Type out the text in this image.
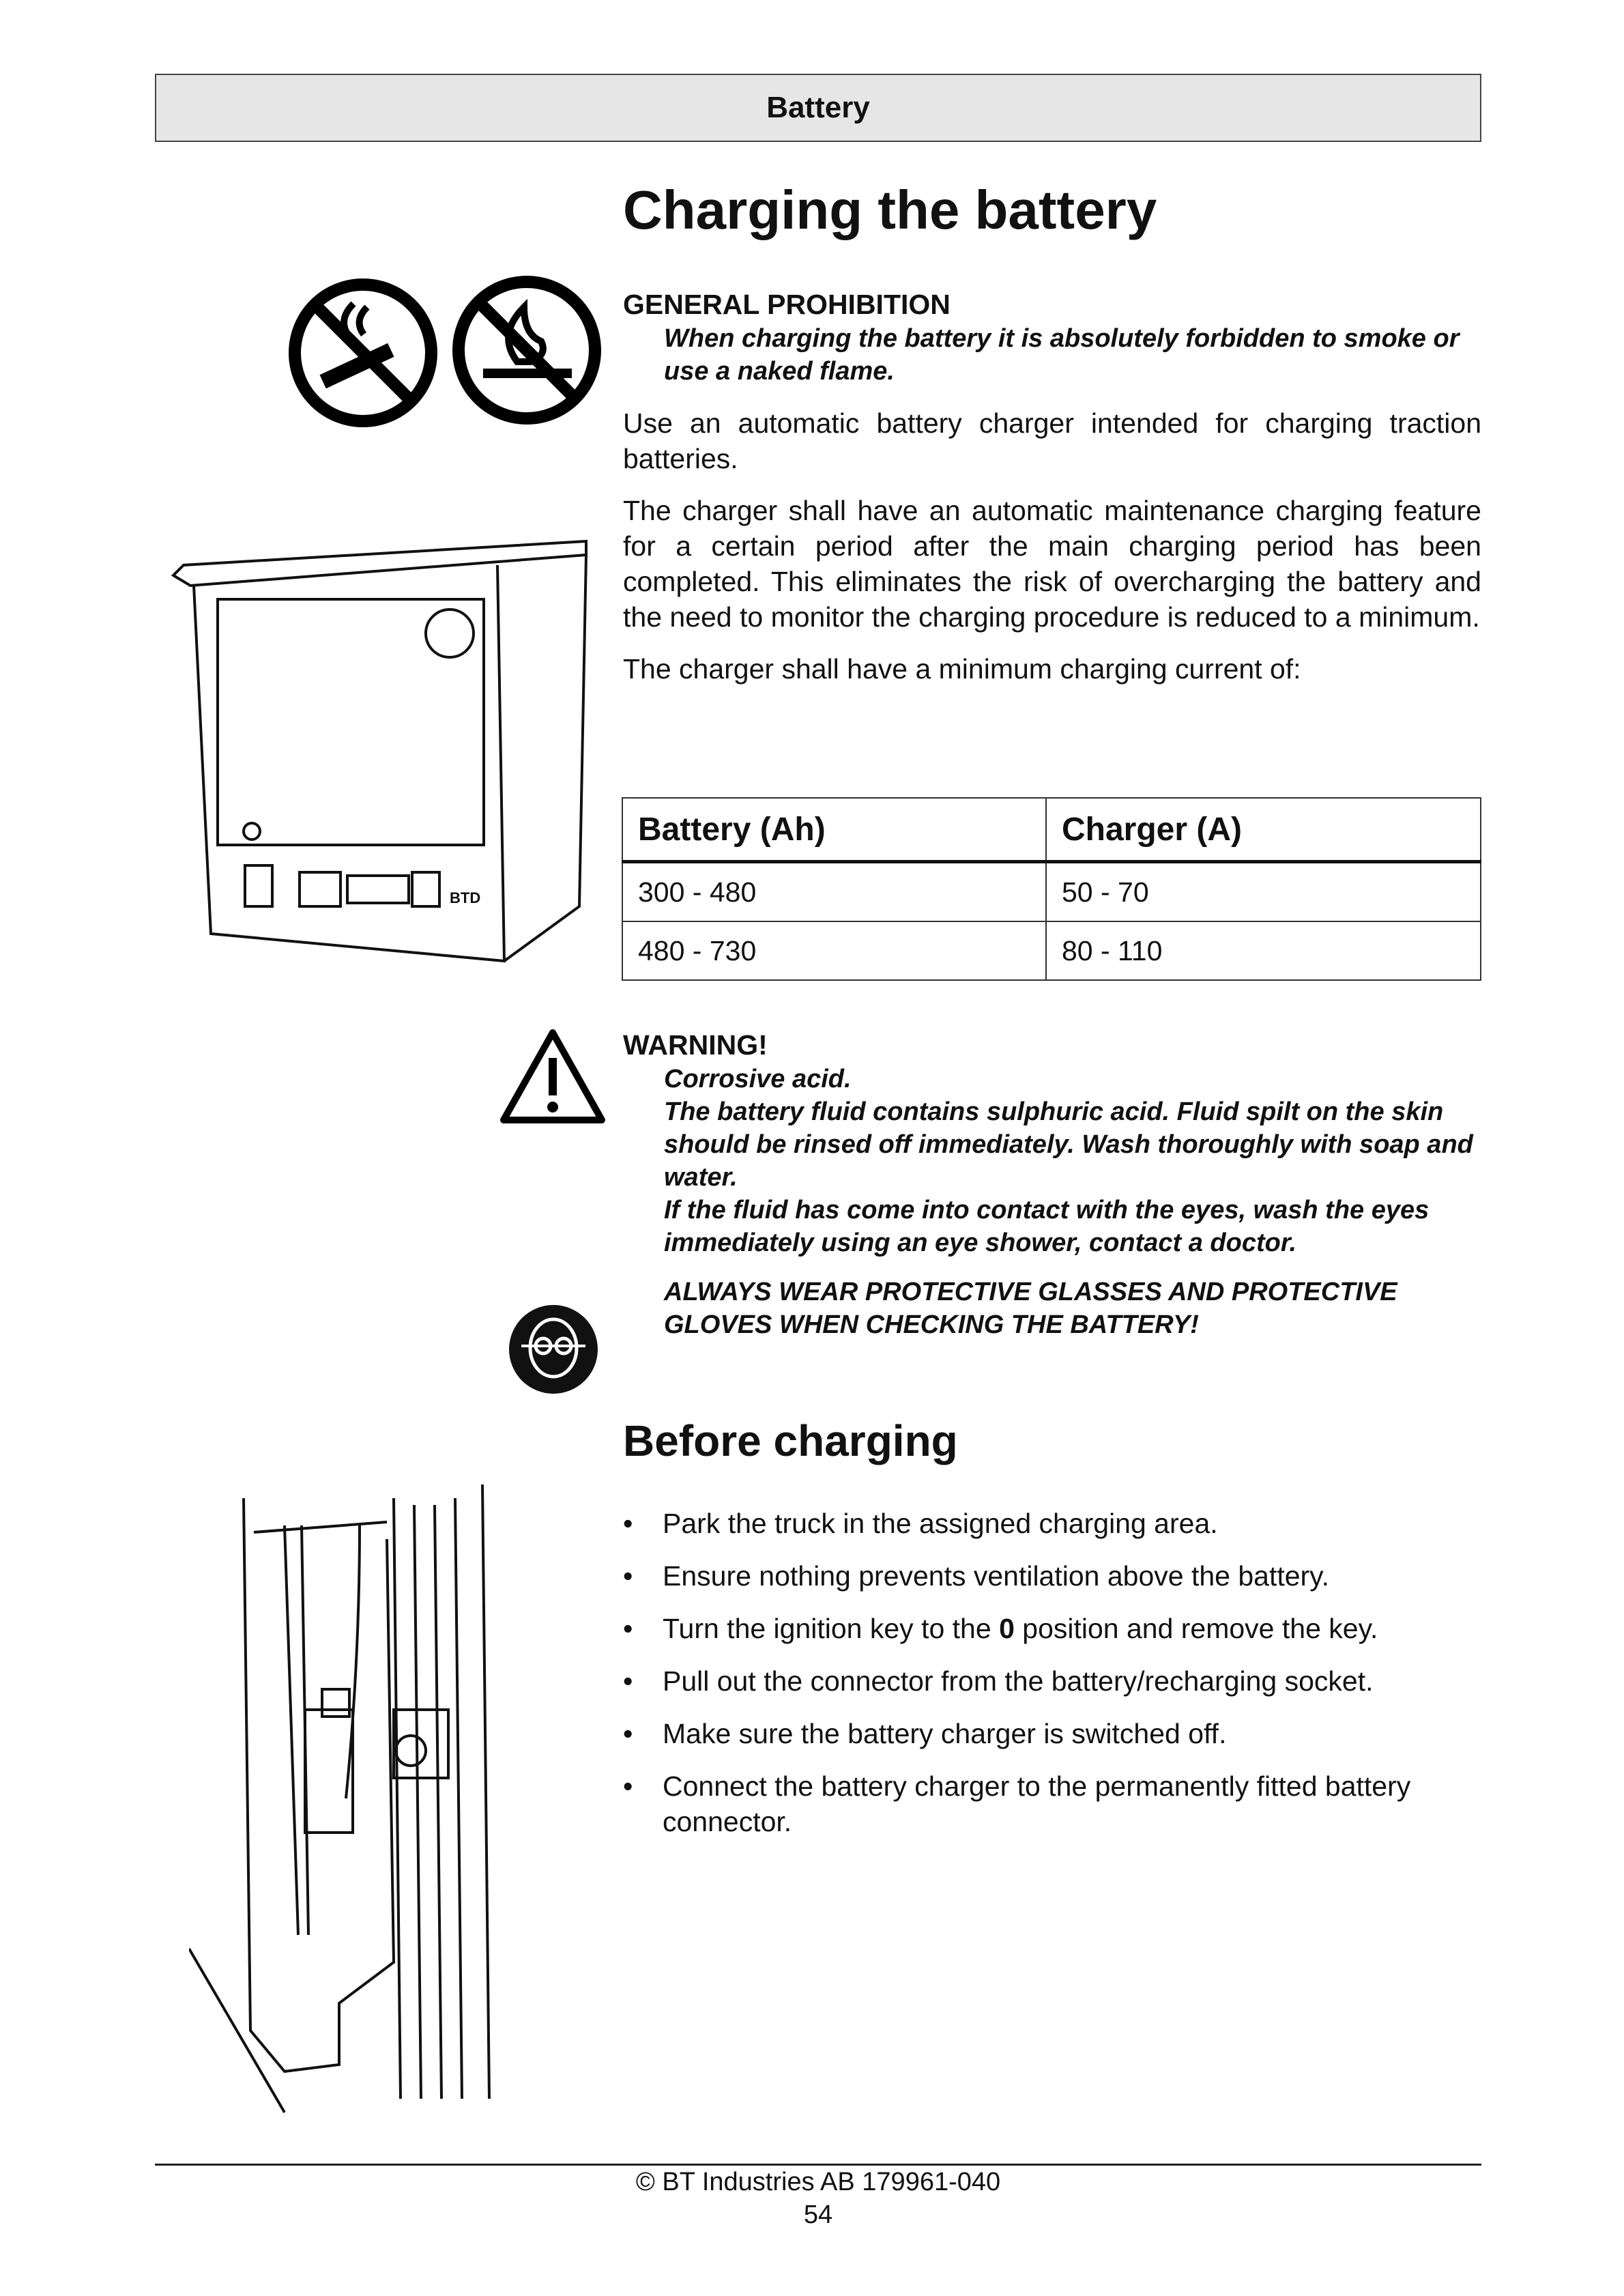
Battery
Charging the battery
GENERAL PROHIBITION
When charging the battery it is absolutely forbidden to smoke or use a naked flame.
Use an automatic battery charger intended for charging traction batteries.
The charger shall have an automatic maintenance charging feature for a certain period after the main charging period has been completed. This eliminates the risk of overcharging the battery and the need to monitor the charging procedure is reduced to a minimum.
The charger shall have a minimum charging current of:
BTD
Battery (Ah)	Charger (A)
300 - 480	50 - 70
480 - 730	80 - 110
WARNING!
Corrosive acid.
The battery fluid contains sulphuric acid. Fluid spilt on the skin should be rinsed off immediately. Wash thoroughly with soap and water.
If the fluid has come into contact with the eyes, wash the eyes immediately using an eye shower, contact a doctor.
ALWAYS WEAR PROTECTIVE GLASSES AND PROTECTIVE GLOVES WHEN CHECKING THE BATTERY!
Before charging
• Park the truck in the assigned charging area.
• Ensure nothing prevents ventilation above the battery.
• Turn the ignition key to the 0 position and remove the key.
• Pull out the connector from the battery/recharging socket.
• Make sure the battery charger is switched off.
• Connect the battery charger to the permanently fitted battery connector.
© BT Industries AB 179961-040
54
